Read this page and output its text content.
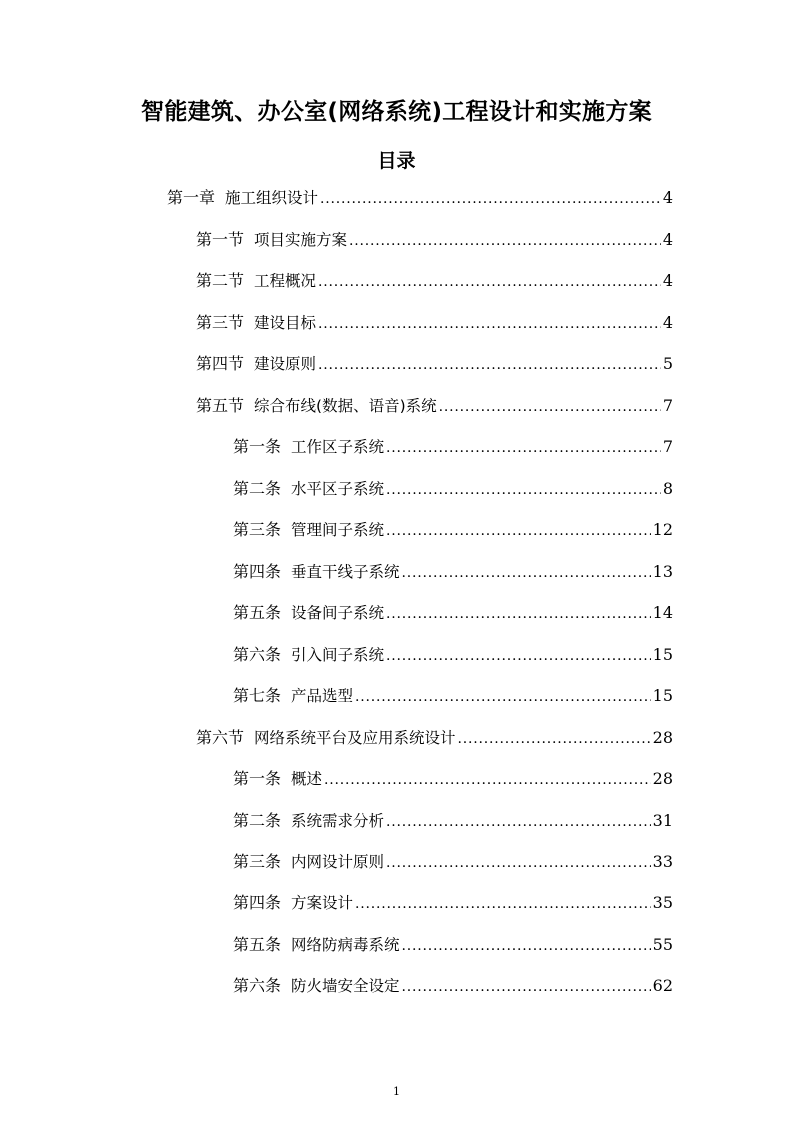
智能建筑、办公室(网络系统)工程设计和实施方案
目录
第一章 施工组织设计 .....	4
第一节 项目实施方案 .....	4
第二节 工程概况 .....	4
第三节 建设目标 .....	4
第四节 建设原则 .....	5
第五节 综合布线(数据、语音)系统 .....	7
第一条 工作区子系统 .....	7
第二条 水平区子系统 .....	8
第三条 管理间子系统 .....	12
第四条 垂直干线子系统 .....	13
第五条 设备间子系统 .....	14
第六条 引入间子系统 .....	15
第七条 产品选型 .....	15
第六节 网络系统平台及应用系统设计 .....	28
第一条 概述 .....	28
第二条 系统需求分析 .....	31
第三条 内网设计原则 .....	33
第四条 方案设计 .....	35
第五条 网络防病毒系统 .....	55
第六条 防火墙安全设定 .....	62
1
